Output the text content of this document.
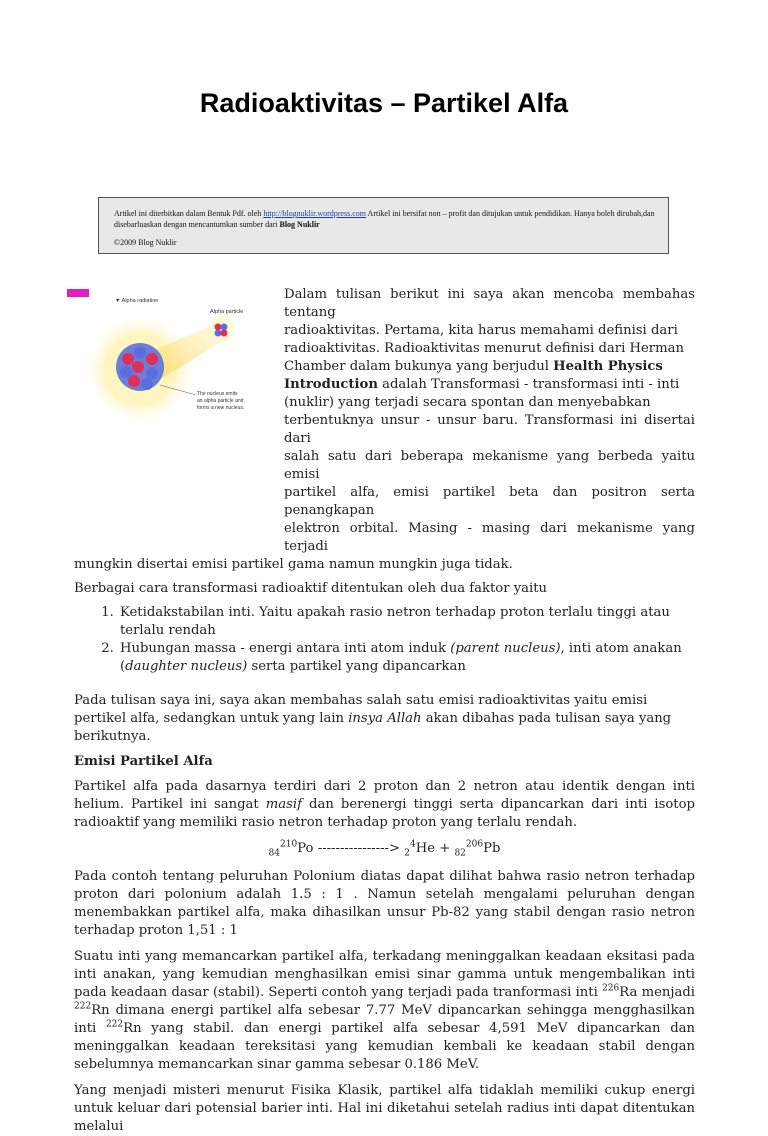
Radioaktivitas – Partikel Alfa

Artikel ini diterbitkan dalam Bentuk Pdf. oleh http://blognuklir.wordpress.com Artikel ini bersifat non – profit dan ditujukan untuk pendidikan. Hanya boleh dirubah,dan disebarluaskan dengan mencantumkan sumber dari Blog Nuklir

©2009 Blog Nuklir

▼ Alpha radiation
Alpha particle
The nucleus emits
an alpha particle and
forms a new nucleus.
Dalam tulisan berikut ini saya akan mencoba membahas tentang
radioaktivitas. Pertama, kita harus memahami definisi dari
radioaktivitas. Radioaktivitas menurut definisi dari Herman
Chamber dalam bukunya yang berjudul Health Physics
Introduction adalah Transformasi - transformasi inti - inti
(nuklir) yang terjadi secara spontan dan menyebabkan
terbentuknya unsur - unsur baru. Transformasi ini disertai dari
salah satu dari beberapa mekanisme yang berbeda yaitu emisi
partikel alfa, emisi partikel beta dan positron serta penangkapan
elektron orbital. Masing - masing dari mekanisme yang terjadi
mungkin disertai emisi partikel gama namun mungkin juga tidak.

Berbagai cara transformasi radioaktif ditentukan oleh dua faktor yaitu

1. Ketidakstabilan inti. Yaitu apakah rasio netron terhadap proton terlalu tinggi atau terlalu rendah
2. Hubungan massa - energi antara inti atom induk (parent nucleus), inti atom anakan (daughter nucleus) serta partikel yang dipancarkan

Pada tulisan saya ini, saya akan membahas salah satu emisi radioaktivitas yaitu emisi pertikel alfa, sedangkan untuk yang lain insya Allah akan dibahas pada tulisan saya yang berikutnya.

Emisi Partikel Alfa

Partikel alfa pada dasarnya terdiri dari 2 proton dan 2 netron atau identik dengan inti helium. Partikel ini sangat masif dan berenergi tinggi serta dipancarkan dari inti isotop radioaktif yang memiliki rasio netron terhadap proton yang terlalu rendah.

$_{84}^{210}$Po ----------------> $_2^4$He + $_{82}^{206}$Pb

Pada contoh tentang peluruhan Polonium diatas dapat dilihat bahwa rasio netron terhadap proton dari polonium adalah 1.5 : 1 . Namun setelah mengalami peluruhan dengan menembakkan partikel alfa, maka dihasilkan unsur Pb-82 yang stabil dengan rasio netron terhadap proton 1,51 : 1

Suatu inti yang memancarkan partikel alfa, terkadang meninggalkan keadaan eksitasi pada inti anakan, yang kemudian menghasilkan emisi sinar gamma untuk mengembalikan inti pada keadaan dasar (stabil). Seperti contoh yang terjadi pada tranformasi inti $^{226}$Ra menjadi $^{222}$Rn dimana energi partikel alfa sebesar 7.77 MeV dipancarkan sehingga mengghasilkan inti $^{222}$Rn yang stabil. dan energi partikel alfa sebesar 4,591 MeV dipancarkan dan meninggalkan keadaan tereksitasi yang kemudian kembali ke keadaan stabil dengan sebelumnya memancarkan sinar gamma sebesar 0.186 MeV.

Yang menjadi misteri menurut Fisika Klasik, partikel alfa tidaklah memiliki cukup energi untuk keluar dari potensial barier inti. Hal ini diketahui setelah radius inti dapat ditentukan melalui
